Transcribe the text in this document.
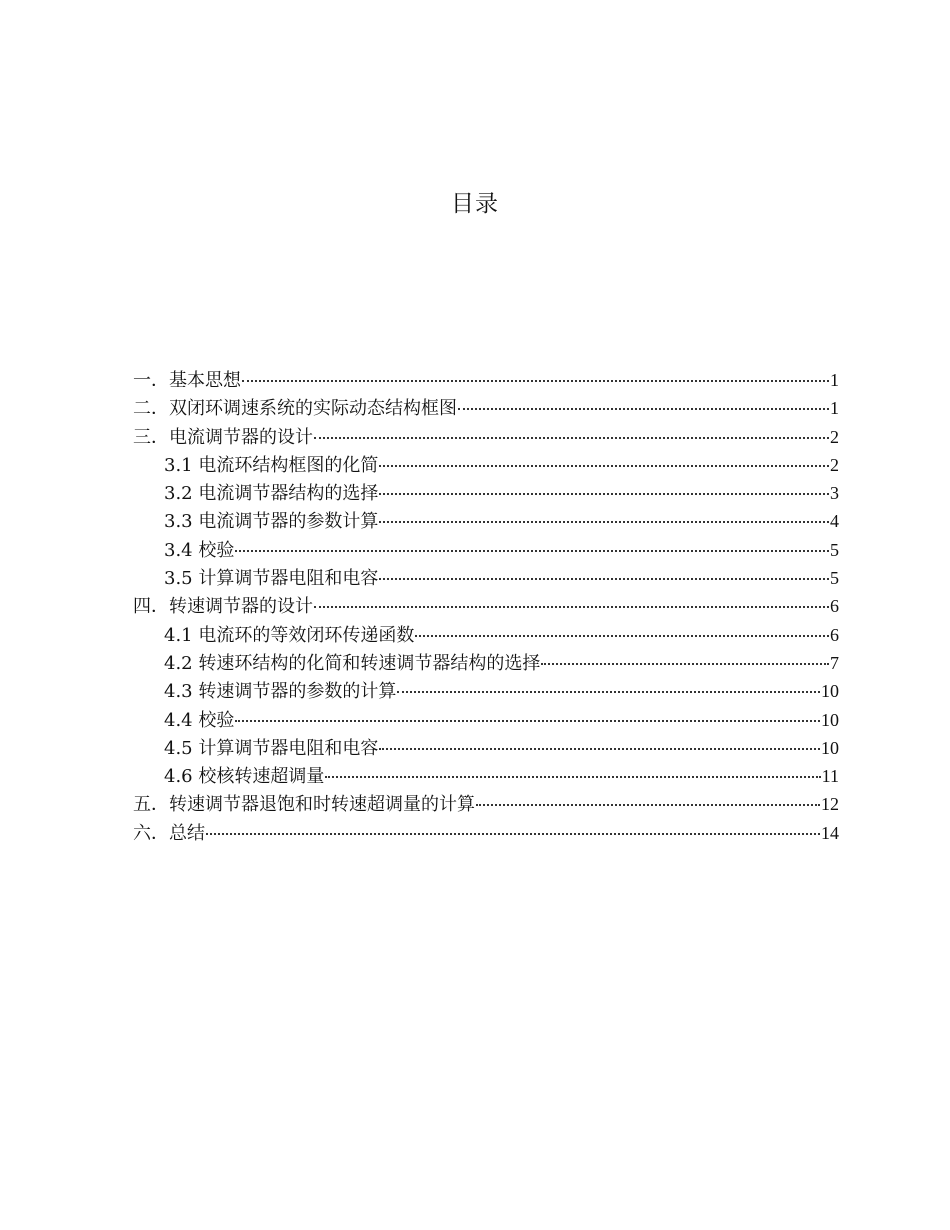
目录
一．基本思想	1
二．双闭环调速系统的实际动态结构框图	1
三．电流调节器的设计	2
3.1 电流环结构框图的化简	2
3.2 电流调节器结构的选择	3
3.3 电流调节器的参数计算	4
3.4 校验	5
3.5 计算调节器电阻和电容	5
四．转速调节器的设计	6
4.1 电流环的等效闭环传递函数	6
4.2 转速环结构的化简和转速调节器结构的选择	7
4.3 转速调节器的参数的计算	10
4.4 校验	10
4.5 计算调节器电阻和电容	10
4.6 校核转速超调量	11
五．转速调节器退饱和时转速超调量的计算	12
六．总结	14
